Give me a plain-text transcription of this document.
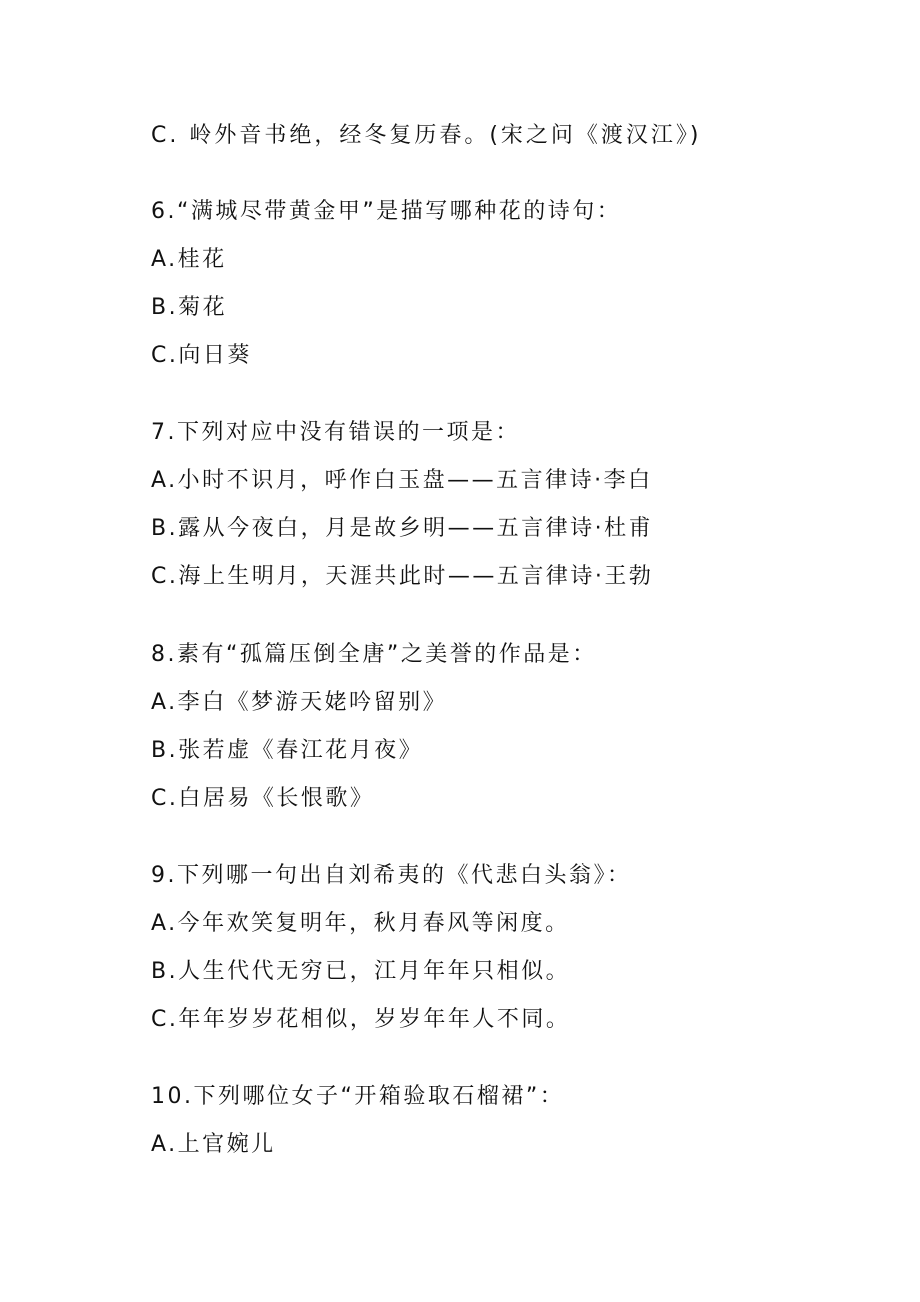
C. 岭外音书绝，经冬复历春。(宋之问《渡汉江》)
6.“满城尽带黄金甲”是描写哪种花的诗句：
A.桂花
B.菊花
C.向日葵
7.下列对应中没有错误的一项是：
A.小时不识月，呼作白玉盘——五言律诗·李白
B.露从今夜白，月是故乡明——五言律诗·杜甫
C.海上生明月，天涯共此时——五言律诗·王勃
8.素有“孤篇压倒全唐”之美誉的作品是：
A.李白《梦游天姥吟留别》
B.张若虚《春江花月夜》
C.白居易《长恨歌》
9.下列哪一句出自刘希夷的《代悲白头翁》：
A.今年欢笑复明年，秋月春风等闲度。
B.人生代代无穷已，江月年年只相似。
C.年年岁岁花相似，岁岁年年人不同。
10.下列哪位女子“开箱验取石榴裙”：
A.上官婉儿
